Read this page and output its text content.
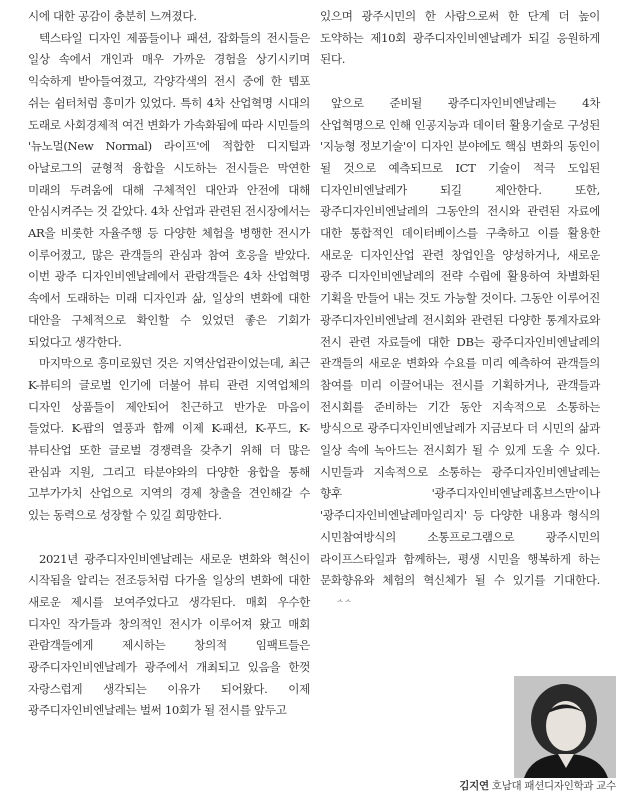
시에 대한 공감이 충분히 느껴졌다.

텍스타일 디자인 제품들이나 패션, 잡화들의 전시들은 일상 속에서 개인과 매우 가까운 경험을 상기시키며 익숙하게 받아들여졌고, 각양각색의 전시 중에 한 템포 쉬는 쉼터처럼 흥미가 있었다. 특히 4차 산업혁명 시대의 도래로 사회경제적 여건 변화가 가속화됨에 따라 시민들의 '뉴노멀(New Normal) 라이프'에 적합한 디지털과 아날로그의 균형적 융합을 시도하는 전시들은 막연한 미래의 두려움에 대해 구체적인 대안과 안전에 대해 안심시켜주는 것 같았다. 4차 산업과 관련된 전시장에서는 AR을 비롯한 자율주행 등 다양한 체험을 병행한 전시가 이루어졌고, 많은 관객들의 관심과 참여 호응을 받았다. 이번 광주 디자인비엔날레에서 관람객들은 4차 산업혁명 속에서 도래하는 미래 디자인과 삶, 일상의 변화에 대한 대안을 구체적으로 확인할 수 있었던 좋은 기회가 되었다고 생각한다.

마지막으로 흥미로웠던 것은 지역산업관이었는데, 최근 K-뷰티의 글로벌 인기에 더불어 뷰티 관련 지역업체의 디자인 상품들이 제안되어 친근하고 반가운 마음이 들었다. K-팝의 열풍과 함께 이제 K-패션, K-푸드, K-뷰티산업 또한 글로벌 경쟁력을 갖추기 위해 더 많은 관심과 지원, 그리고 타분야와의 다양한 융합을 통해 고부가가치 산업으로 지역의 경제 창출을 견인해갈 수 있는 동력으로 성장할 수 있길 희망한다.

2021년 광주디자인비엔날레는 새로운 변화와 혁신이 시작됨을 알리는 전조등처럼 다가올 일상의 변화에 대한 새로운 제시를 보여주었다고 생각된다. 매회 우수한 디자인 작가들과 창의적인 전시가 이루어져 왔고 매회 관람객들에게 제시하는 창의적 임팩트들은 광주디자인비엔날레가 광주에서 개최되고 있음을 한껏 자랑스럽게 생각되는 이유가 되어왔다. 이제 광주디자인비엔날레는 벌써 10회가 될 전시를 앞두고

있으며 광주시민의 한 사람으로써 한 단계 더 높이 도약하는 제10회 광주디자인비엔날레가 되길 응원하게 된다.

앞으로 준비될 광주디자인비엔날레는 4차 산업혁명으로 인해 인공지능과 데이터 활용기술로 구성된 '지능형 정보기술'이 디자인 분야에도 핵심 변화의 동인이 될 것으로 예측되므로 ICT 기술이 적극 도입된 디자인비엔날레가 되길 제안한다. 또한, 광주디자인비엔날레의 그동안의 전시와 관련된 자료에 대한 통합적인 데이터베이스를 구축하고 이를 활용한 새로운 디자인산업 관련 창업인을 양성하거나, 새로운 광주 디자인비엔날레의 전략 수립에 활용하여 차별화된 기획을 만들어 내는 것도 가능할 것이다. 그동안 이루어진 광주디자인비엔날레 전시회와 관련된 다양한 통계자료와 전시 관련 자료들에 대한 DB는 광주디자인비엔날레의 관객들의 새로운 변화와 수요를 미리 예측하여 관객들의 참여를 미리 이끌어내는 전시를 기획하거나, 관객들과 전시회를 준비하는 기간 동안 지속적으로 소통하는 방식으로 광주디자인비엔날레가 지금보다 더 시민의 삶과 일상 속에 녹아드는 전시회가 될 수 있게 도울 수 있다. 시민들과 지속적으로 소통하는 광주디자인비엔날레는 향후 '광주디자인비엔날레홈브스만'이나 '광주디자인비엔날레마일리지' 등 다양한 내용과 형식의 시민참여방식의 소통프로그램으로 광주시민의 라이프스타일과 함께하는, 평생 시민을 행복하게 하는 문화향유와 체험의 혁신체가 될 수 있기를 기대한다.ᄉᄉ

김지연 호남대 패션디자인학과 교수
